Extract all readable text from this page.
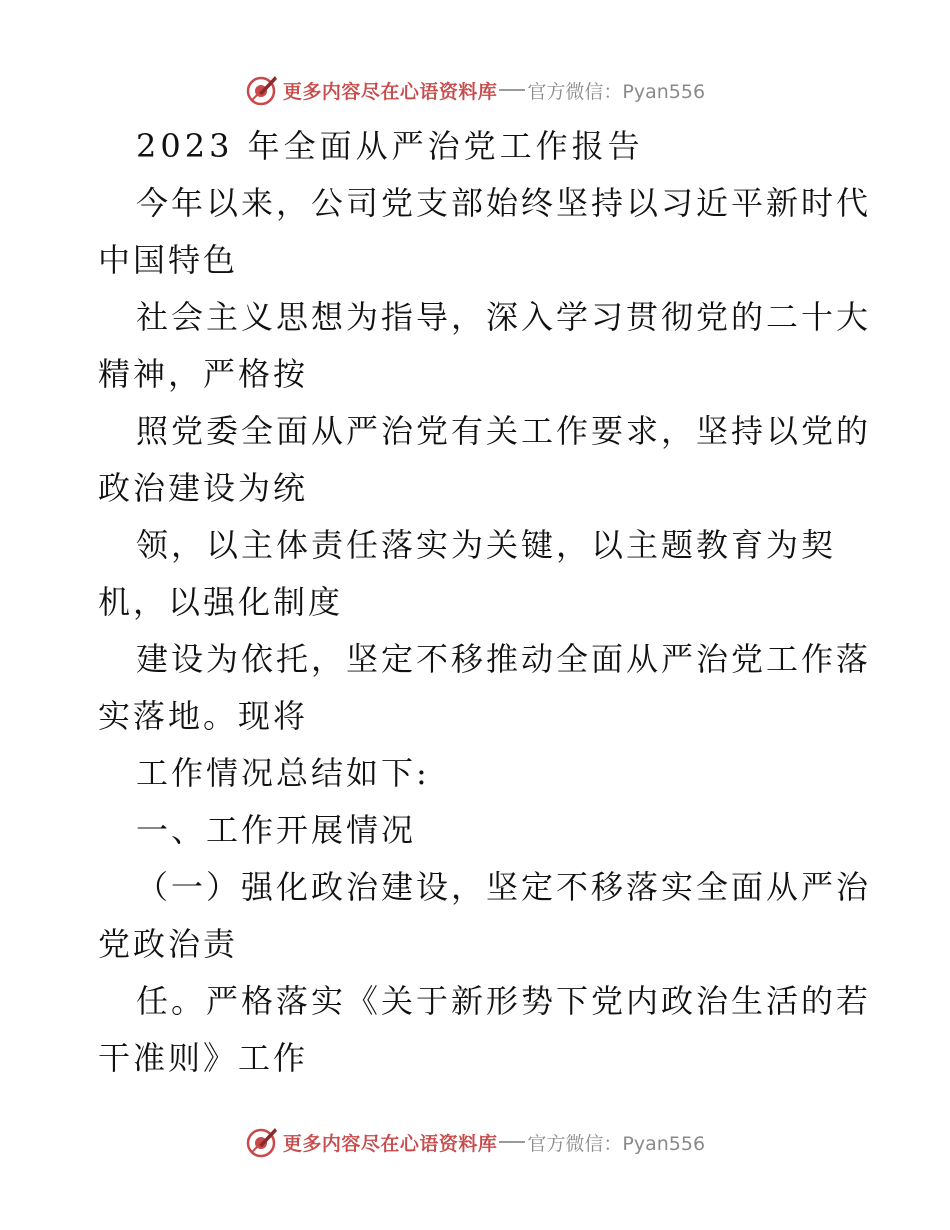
更多内容尽在心语资料库 官方微信：Pyan556
2023 年全面从严治党工作报告
今年以来，公司党支部始终坚持以习近平新时代
中国特色
社会主义思想为指导，深入学习贯彻党的二十大
精神，严格按
照党委全面从严治党有关工作要求，坚持以党的
政治建设为统
领，以主体责任落实为关键，以主题教育为契
机，以强化制度
建设为依托，坚定不移推动全面从严治党工作落
实落地。现将
工作情况总结如下:
一、工作开展情况
（一）强化政治建设，坚定不移落实全面从严治
党政治责
任。严格落实《关于新形势下党内政治生活的若
干准则》工作
更多内容尽在心语资料库 官方微信：Pyan556
